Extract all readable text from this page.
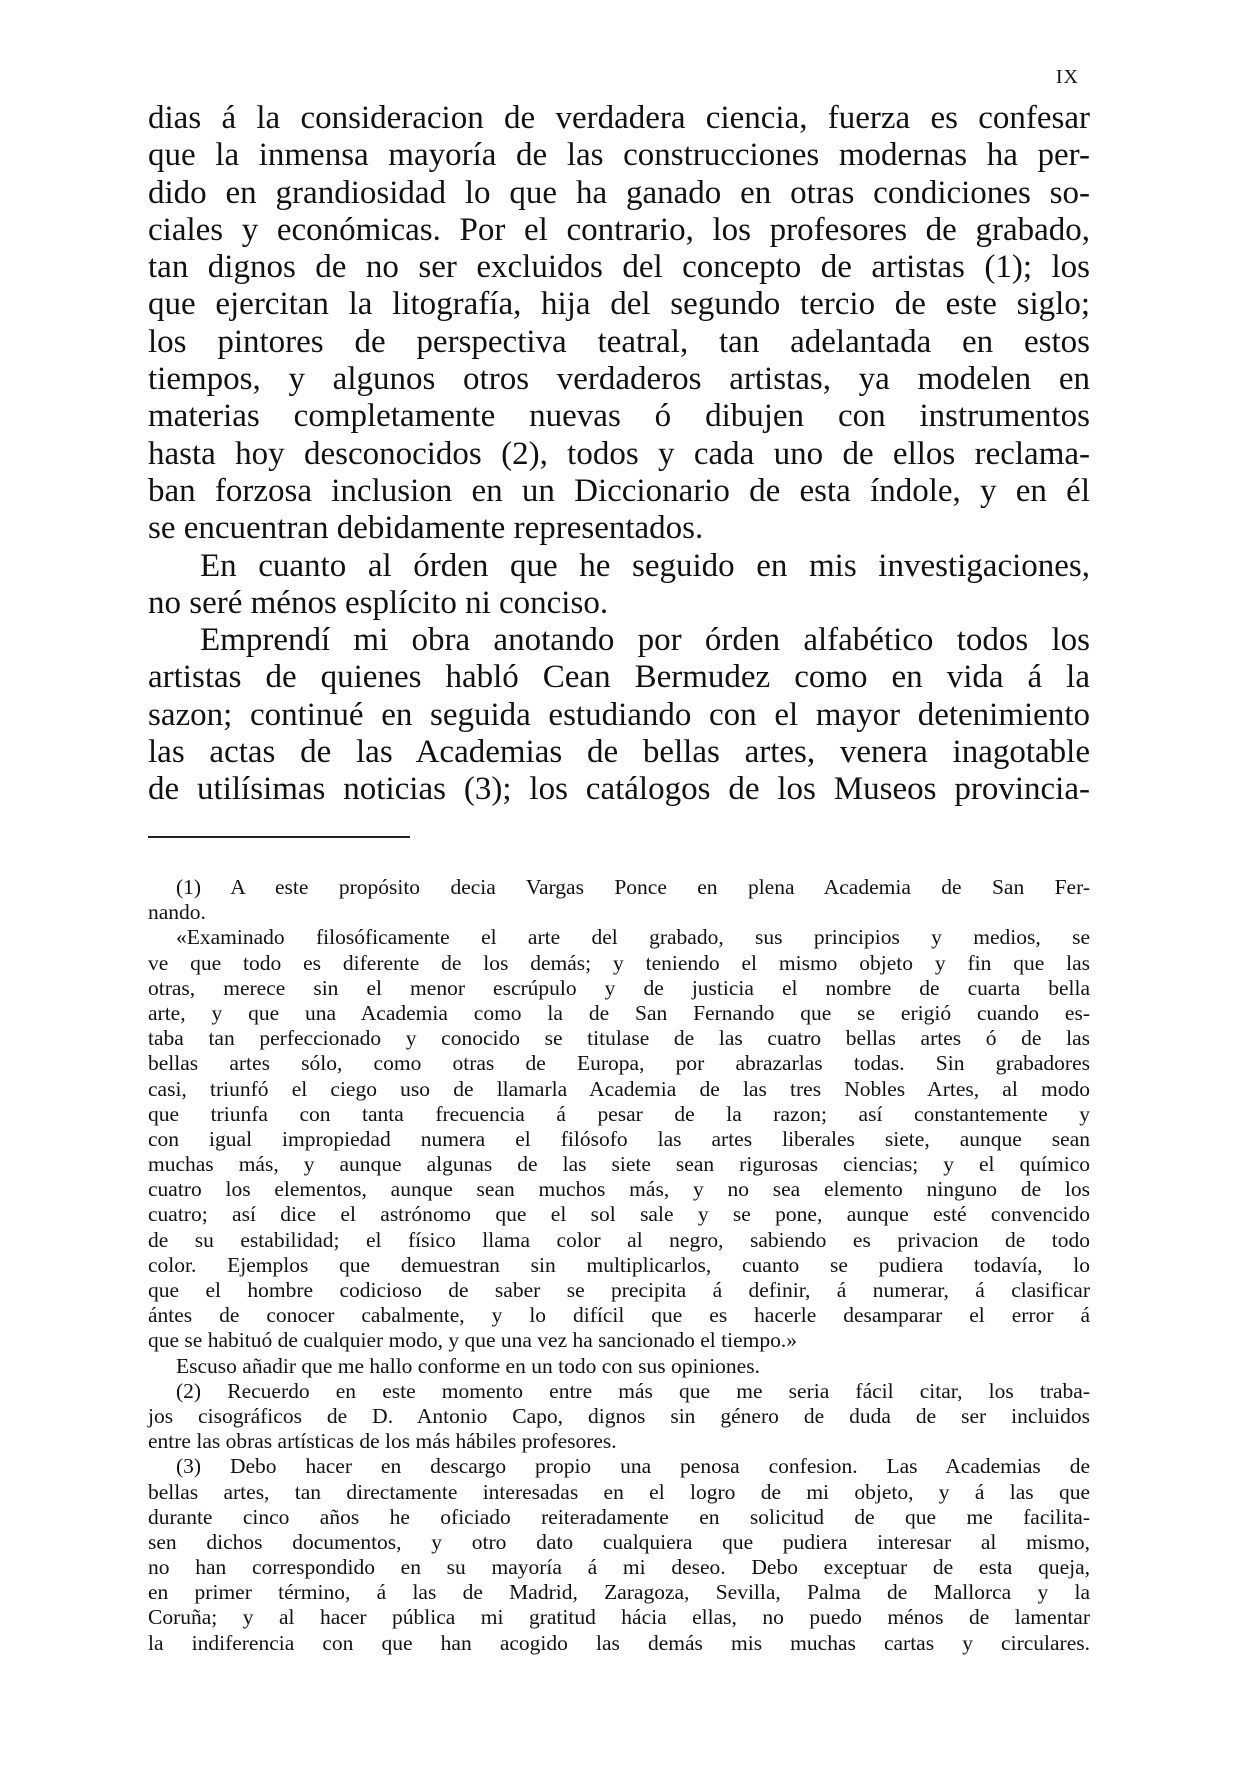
IX
dias á la consideracion de verdadera ciencia, fuerza es confesar
que la inmensa mayoría de las construcciones modernas ha per-
dido en grandiosidad lo que ha ganado en otras condiciones so-
ciales y económicas. Por el contrario, los profesores de grabado,
tan dignos de no ser excluidos del concepto de artistas (1); los
que ejercitan la litografía, hija del segundo tercio de este siglo;
los pintores de perspectiva teatral, tan adelantada en estos
tiempos, y algunos otros verdaderos artistas, ya modelen en
materias completamente nuevas ó dibujen con instrumentos
hasta hoy desconocidos (2), todos y cada uno de ellos reclama-
ban forzosa inclusion en un Diccionario de esta índole, y en él
se encuentran debidamente representados.
En cuanto al órden que he seguido en mis investigaciones,
no seré ménos esplícito ni conciso.
Emprendí mi obra anotando por órden alfabético todos los
artistas de quienes habló Cean Bermudez como en vida á la
sazon; continué en seguida estudiando con el mayor detenimiento
las actas de las Academias de bellas artes, venera inagotable
de utilísimas noticias (3); los catálogos de los Museos provincia-
(1) A este propósito decia Vargas Ponce en plena Academia de San Fer-
nando.
«Examinado filosóficamente el arte del grabado, sus principios y medios, se
ve que todo es diferente de los demás; y teniendo el mismo objeto y fin que las
otras, merece sin el menor escrúpulo y de justicia el nombre de cuarta bella
arte, y que una Academia como la de San Fernando que se erigió cuando es-
taba tan perfeccionado y conocido se titulase de las cuatro bellas artes ó de las
bellas artes sólo, como otras de Europa, por abrazarlas todas. Sin grabadores
casi, triunfó el ciego uso de llamarla Academia de las tres Nobles Artes, al modo
que triunfa con tanta frecuencia á pesar de la razon; así constantemente y
con igual impropiedad numera el filósofo las artes liberales siete, aunque sean
muchas más, y aunque algunas de las siete sean rigurosas ciencias; y el químico
cuatro los elementos, aunque sean muchos más, y no sea elemento ninguno de los
cuatro; así dice el astrónomo que el sol sale y se pone, aunque esté convencido
de su estabilidad; el físico llama color al negro, sabiendo es privacion de todo
color. Ejemplos que demuestran sin multiplicarlos, cuanto se pudiera todavía, lo
que el hombre codicioso de saber se precipita á definir, á numerar, á clasificar
ántes de conocer cabalmente, y lo difícil que es hacerle desamparar el error á
que se habituó de cualquier modo, y que una vez ha sancionado el tiempo.»
Escuso añadir que me hallo conforme en un todo con sus opiniones.
(2) Recuerdo en este momento entre más que me seria fácil citar, los traba-
jos cisográficos de D. Antonio Capo, dignos sin género de duda de ser incluidos
entre las obras artísticas de los más hábiles profesores.
(3) Debo hacer en descargo propio una penosa confesion. Las Academias de
bellas artes, tan directamente interesadas en el logro de mi objeto, y á las que
durante cinco años he oficiado reiteradamente en solicitud de que me facilita-
sen dichos documentos, y otro dato cualquiera que pudiera interesar al mismo,
no han correspondido en su mayoría á mi deseo. Debo exceptuar de esta queja,
en primer término, á las de Madrid, Zaragoza, Sevilla, Palma de Mallorca y la
Coruña; y al hacer pública mi gratitud hácia ellas, no puedo ménos de lamentar
la indiferencia con que han acogido las demás mis muchas cartas y circulares.
